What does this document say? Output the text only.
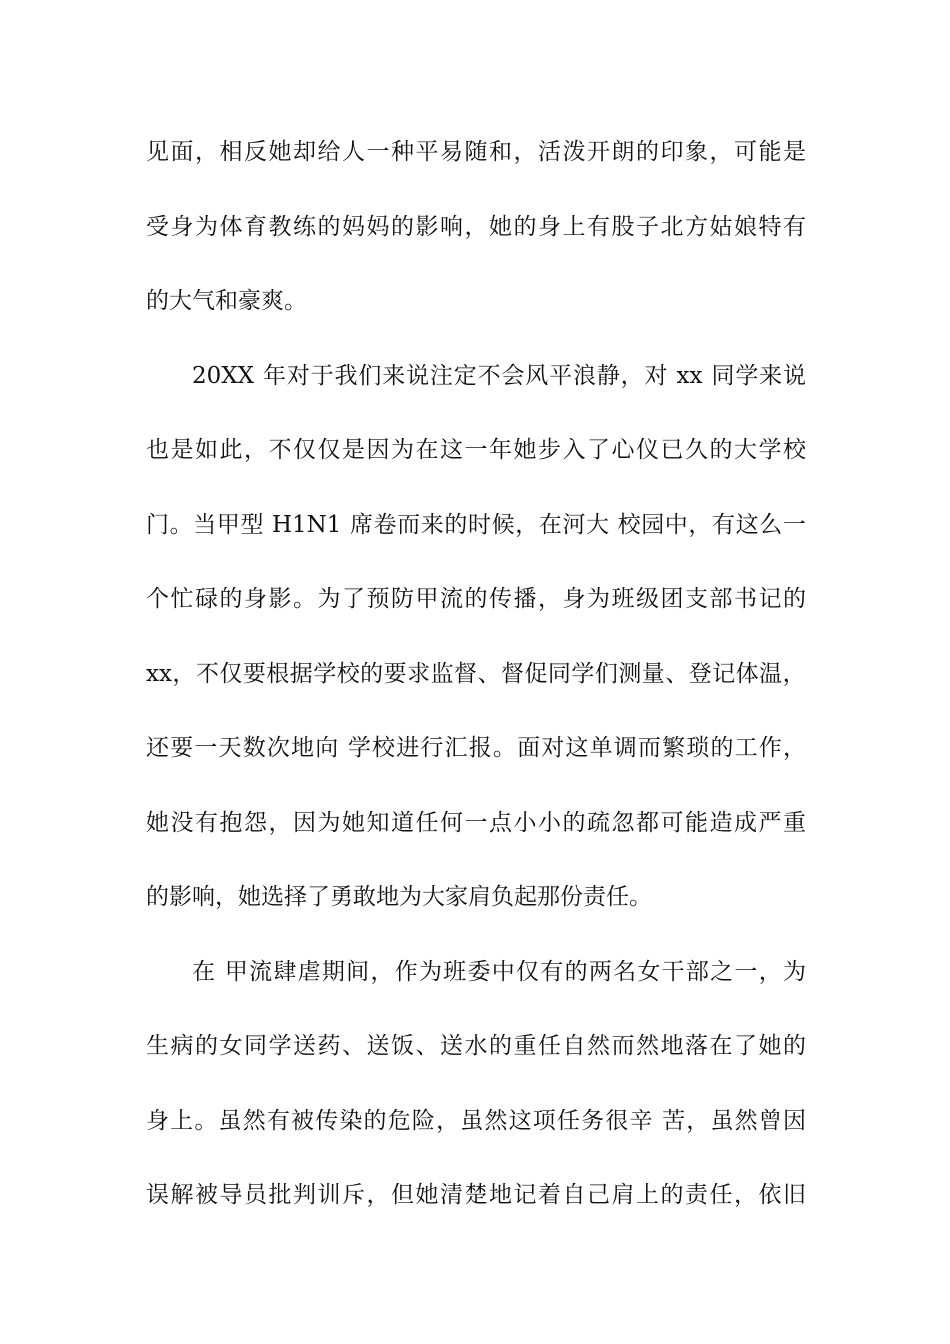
见 面 ， 相 反 她 却 给 人 一 种 平 易 随 和 ， 活 泼 开 朗 的 印 象 ， 可 能 是
受 身 为 体 育 教 练 的 妈 妈 的 影 响 ， 她 的 身 上 有 股 子 北 方 姑 娘 特 有
的大气和豪爽。
20XX
年 对 于 我 们 来 说 注 定 不 会 风 平 浪 静 ， 对
xx
同 学 来 说
也 是 如 此 ， 不 仅 仅 是 因 为 在 这 一 年 她 步 入 了 心 仪 已 久 的 大 学 校
门 。 当 甲 型
H1N1
席 卷 而 来 的 时 候 ， 在 河 大
校 园 中 ， 有 这 么 一
个 忙 碌 的 身 影 。 为 了 预 防 甲 流 的 传 播 ， 身 为 班 级 团 支 部 书 记 的
xx ， 不 仅 要 根 据 学 校 的 要 求 监 督 、 督 促 同 学 们 测 量 、 登 记 体 温 ，
还 要 一 天 数 次 地 向
学 校 进 行 汇 报 。 面 对 这 单 调 而 繁 琐 的 工 作 ，
她 没 有 抱 怨 ， 因 为 她 知 道 任 何 一 点 小 小 的 疏 忽 都 可 能 造 成 严 重
的影响，她选择了勇敢地为大家肩负起那份责任。
在
甲 流 肆 虐 期 间 ， 作 为 班 委 中 仅 有 的 两 名 女 干 部 之 一 ， 为
生 病 的 女 同 学 送 药 、 送 饭 、 送 水 的 重 任 自 然 而 然 地 落 在 了 她 的
身 上 。 虽 然 有 被 传 染 的 危 险 ， 虽 然 这 项 任 务 很 辛
苦 ， 虽 然 曾 因
误 解 被 导 员 批 判 训 斥 ， 但 她 清 楚 地 记 着 自 己 肩 上 的 责 任 ， 依 旧
